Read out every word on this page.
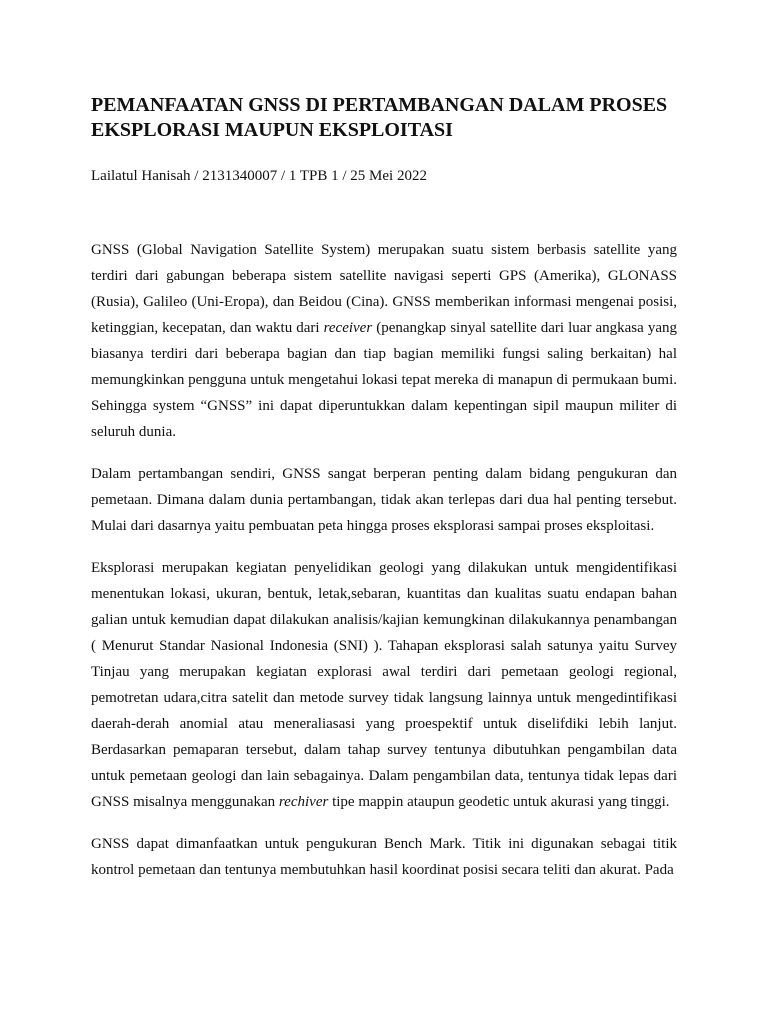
PEMANFAATAN GNSS DI PERTAMBANGAN DALAM PROSES EKSPLORASI MAUPUN EKSPLOITASI

Lailatul Hanisah / 2131340007 / 1 TPB 1 / 25 Mei 2022

GNSS (Global Navigation Satellite System) merupakan suatu sistem berbasis satellite yang terdiri dari gabungan beberapa sistem satellite navigasi seperti GPS (Amerika), GLONASS (Rusia), Galileo (Uni-Eropa), dan Beidou (Cina). GNSS memberikan informasi mengenai posisi, ketinggian, kecepatan, dan waktu dari receiver (penangkap sinyal satellite dari luar angkasa yang biasanya terdiri dari beberapa bagian dan tiap bagian memiliki fungsi saling berkaitan) hal memungkinkan pengguna untuk mengetahui lokasi tepat mereka di manapun di permukaan bumi. Sehingga system “GNSS” ini dapat diperuntukkan dalam kepentingan sipil maupun militer di seluruh dunia.

Dalam pertambangan sendiri, GNSS sangat berperan penting dalam bidang pengukuran dan pemetaan. Dimana dalam dunia pertambangan, tidak akan terlepas dari dua hal penting tersebut. Mulai dari dasarnya yaitu pembuatan peta hingga proses eksplorasi sampai proses eksploitasi.

Eksplorasi merupakan kegiatan penyelidikan geologi yang dilakukan untuk mengidentifikasi menentukan lokasi, ukuran, bentuk, letak,sebaran, kuantitas dan kualitas suatu endapan bahan galian untuk kemudian dapat dilakukan analisis/kajian kemungkinan dilakukannya penambangan ( Menurut Standar Nasional Indonesia (SNI) ). Tahapan eksplorasi salah satunya yaitu Survey Tinjau yang merupakan kegiatan explorasi awal terdiri dari pemetaan geologi regional, pemotretan udara,citra satelit dan metode survey tidak langsung lainnya untuk mengedintifikasi daerah-derah anomial atau meneraliasasi yang proespektif untuk diselifdiki lebih lanjut. Berdasarkan pemaparan tersebut, dalam tahap survey tentunya dibutuhkan pengambilan data untuk pemetaan geologi dan lain sebagainya. Dalam pengambilan data, tentunya tidak lepas dari GNSS misalnya menggunakan rechiver tipe mappin ataupun geodetic untuk akurasi yang tinggi.

GNSS dapat dimanfaatkan untuk pengukuran Bench Mark. Titik ini digunakan sebagai titik kontrol pemetaan dan tentunya membutuhkan hasil koordinat posisi secara teliti dan akurat. Pada
